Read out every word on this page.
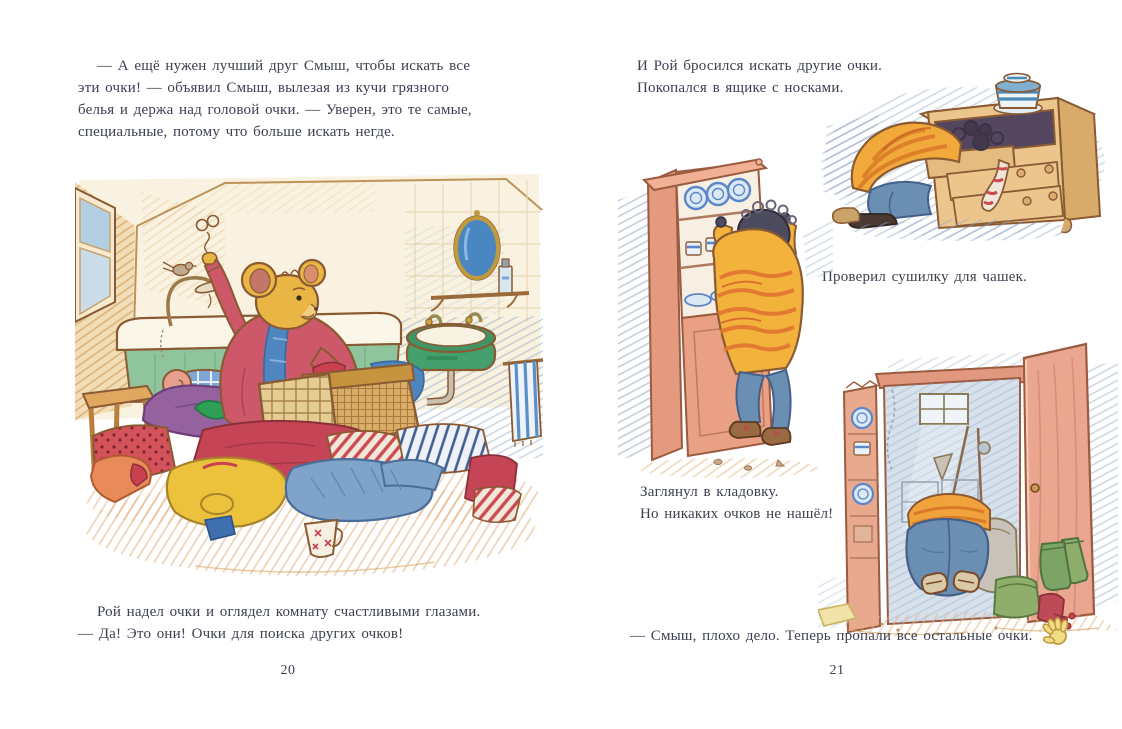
— А ещё нужен лучший друг Смыш, чтобы искать все
эти очки! — объявил Смыш, вылезая из кучи грязного
белья и держа над головой очки. — Уверен, это те самые,
специальные, потому что больше искать негде.
Рой надел очки и оглядел комнату счастливыми глазами.
— Да! Это они! Очки для поиска других очков!
20
И Рой бросился искать другие очки.
Покопался в ящике с носками.
Проверил сушилку для чашек.
Заглянул в кладовку.
Но никаких очков не нашёл!
— Смыш, плохо дело. Теперь пропали все остальные очки.
21
